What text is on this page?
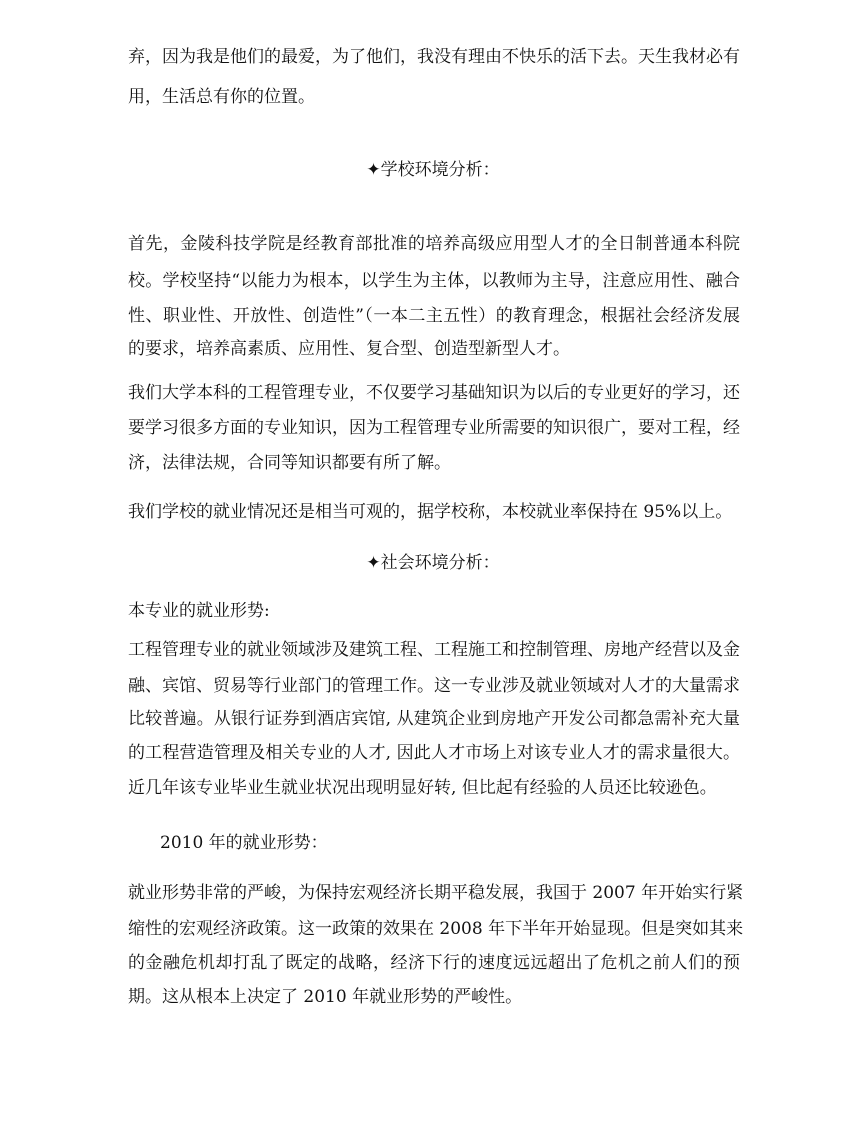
弃，因为我是他们的最爱，为了他们，我没有理由不快乐的活下去。天生我材必有
用，生活总有你的位置。
✦学校环境分析：
首先，金陵科技学院是经教育部批准的培养高级应用型人才的全日制普通本科院
校。学校坚持“以能力为根本，以学生为主体，以教师为主导，注意应用性、融合
性、职业性、开放性、创造性”（一本二主五性）的教育理念，根据社会经济发展
的要求，培养高素质、应用性、复合型、创造型新型人才。
我们大学本科的工程管理专业，不仅要学习基础知识为以后的专业更好的学习，还
要学习很多方面的专业知识，因为工程管理专业所需要的知识很广，要对工程，经
济，法律法规，合同等知识都要有所了解。
我们学校的就业情况还是相当可观的，据学校称，本校就业率保持在 95%以上。
✦社会环境分析：
本专业的就业形势:
工程管理专业的就业领域涉及建筑工程、工程施工和控制管理、房地产经营以及金
融、宾馆、贸易等行业部门的管理工作。这一专业涉及就业领域对人才的大量需求
比较普遍。从银行证券到酒店宾馆, 从建筑企业到房地产开发公司都急需补充大量
的工程营造管理及相关专业的人才, 因此人才市场上对该专业人才的需求量很大。
近几年该专业毕业生就业状况出现明显好转, 但比起有经验的人员还比较逊色。
2010 年的就业形势：
就业形势非常的严峻，为保持宏观经济长期平稳发展，我国于 2007 年开始实行紧
缩性的宏观经济政策。这一政策的效果在 2008 年下半年开始显现。但是突如其来
的金融危机却打乱了既定的战略，经济下行的速度远远超出了危机之前人们的预
期。这从根本上决定了 2010 年就业形势的严峻性。
